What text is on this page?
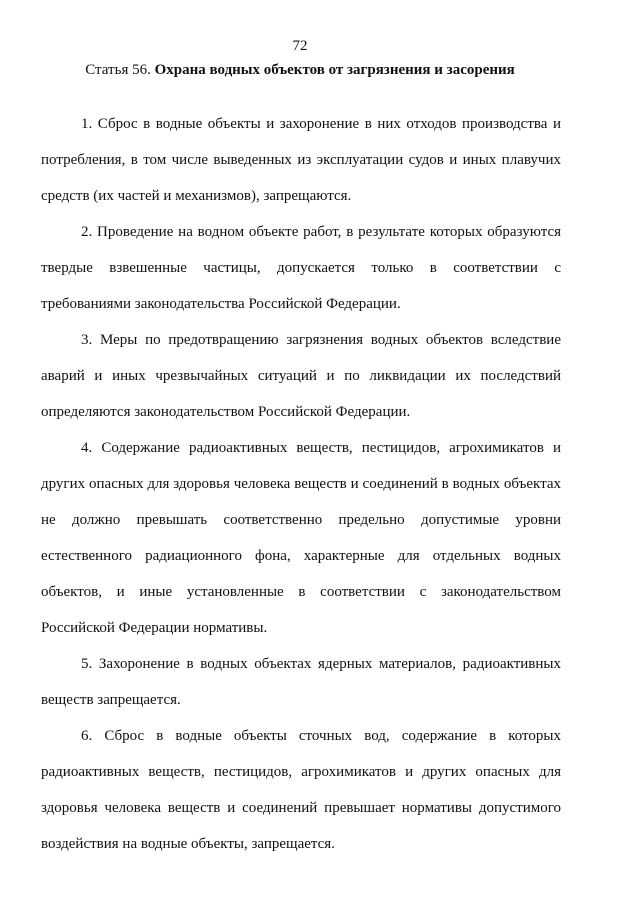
72
Статья 56. Охрана водных объектов от загрязнения и засорения

1. Сброс в водные объекты и захоронение в них отходов производства и потребления, в том числе выведенных из эксплуатации судов и иных плавучих средств (их частей и механизмов), запрещаются.

2. Проведение на водном объекте работ, в результате которых образуются твердые взвешенные частицы, допускается только в соответствии с требованиями законодательства Российской Федерации.

3. Меры по предотвращению загрязнения водных объектов вследствие аварий и иных чрезвычайных ситуаций и по ликвидации их последствий определяются законодательством Российской Федерации.

4. Содержание радиоактивных веществ, пестицидов, агрохимикатов и других опасных для здоровья человека веществ и соединений в водных объектах не должно превышать соответственно предельно допустимые уровни естественного радиационного фона, характерные для отдельных водных объектов, и иные установленные в соответствии с законодательством Российской Федерации нормативы.

5. Захоронение в водных объектах ядерных материалов, радиоактивных веществ запрещается.

6. Сброс в водные объекты сточных вод, содержание в которых радиоактивных веществ, пестицидов, агрохимикатов и других опасных для здоровья человека веществ и соединений превышает нормативы допустимого воздействия на водные объекты, запрещается.
